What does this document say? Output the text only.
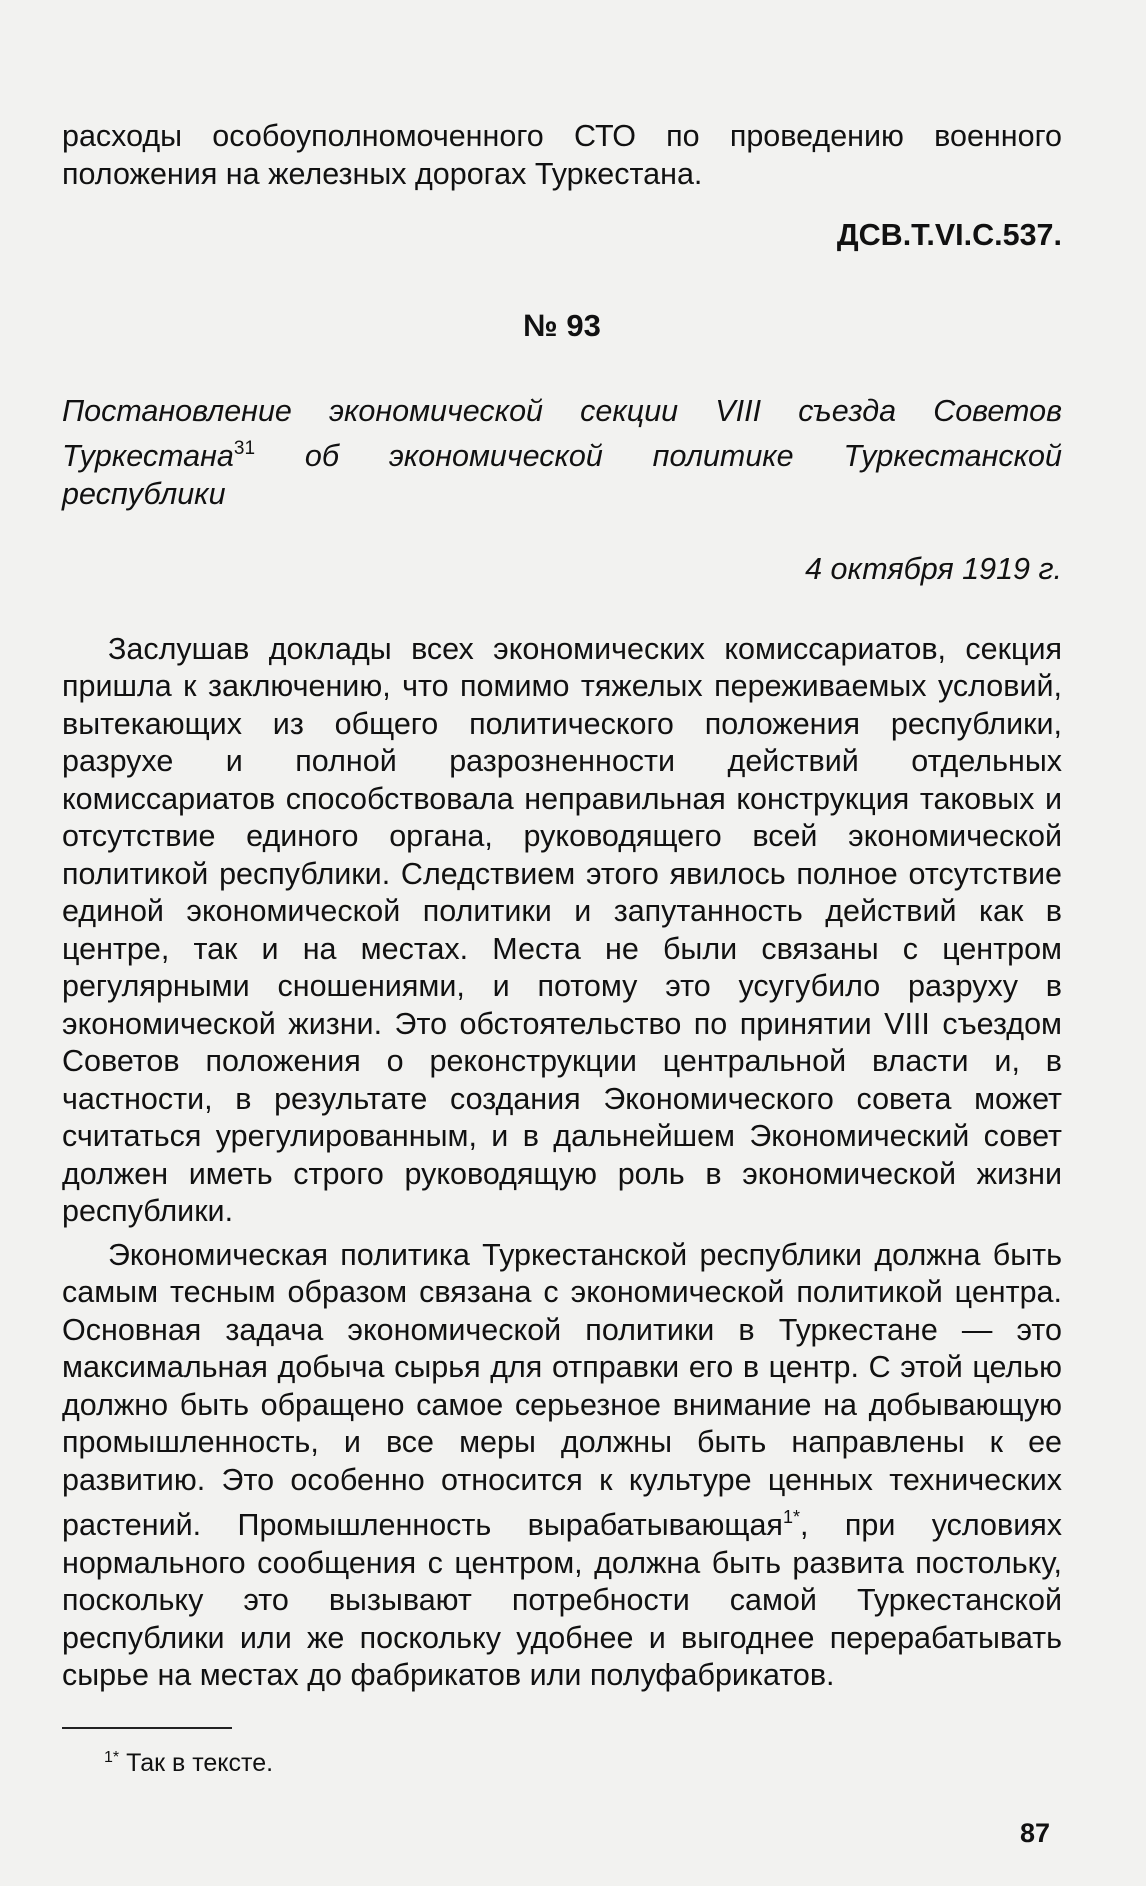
расходы особоуполномоченного СТО по проведению военного положения на железных дорогах Туркестана.

ДСВ.Т.VI.С.537.

№ 93

Постановление экономической секции VIII съезда Советов Туркестана$^{31}$ об экономической политике Туркестанской республики

4 октября 1919 г.

Заслушав доклады всех экономических комиссариатов, секция пришла к заключению, что помимо тяжелых переживаемых условий, вытекающих из общего политического положения республики, разрухе и полной разрозненности действий отдельных комиссариатов способствовала неправильная конструкция таковых и отсутствие единого органа, руководящего всей экономической политикой республики. Следствием этого явилось полное отсутствие единой экономической политики и запутанность действий как в центре, так и на местах. Места не были связаны с центром регулярными сношениями, и потому это усугубило разруху в экономической жизни. Это обстоятельство по принятии VIII съездом Советов положения о реконструкции центральной власти и, в частности, в результате создания Экономического совета может считаться урегулированным, и в дальнейшем Экономический совет должен иметь строго руководящую роль в экономической жизни республики.

Экономическая политика Туркестанской республики должна быть самым тесным образом связана с экономической политикой центра. Основная задача экономической политики в Туркестане — это максимальная добыча сырья для отправки его в центр. С этой целью должно быть обращено самое серьезное внимание на добывающую промышленность, и все меры должны быть направлены к ее развитию. Это особенно относится к культуре ценных технических растений. Промышленность вырабатывающая$^{1*}$, при условиях нормального сообщения с центром, должна быть развита постольку, поскольку это вызывают потребности самой Туркестанской республики или же поскольку удобнее и выгоднее перерабатывать сырье на местах до фабрикатов или полуфабрикатов.

$^{1*}$ Так в тексте.

87
